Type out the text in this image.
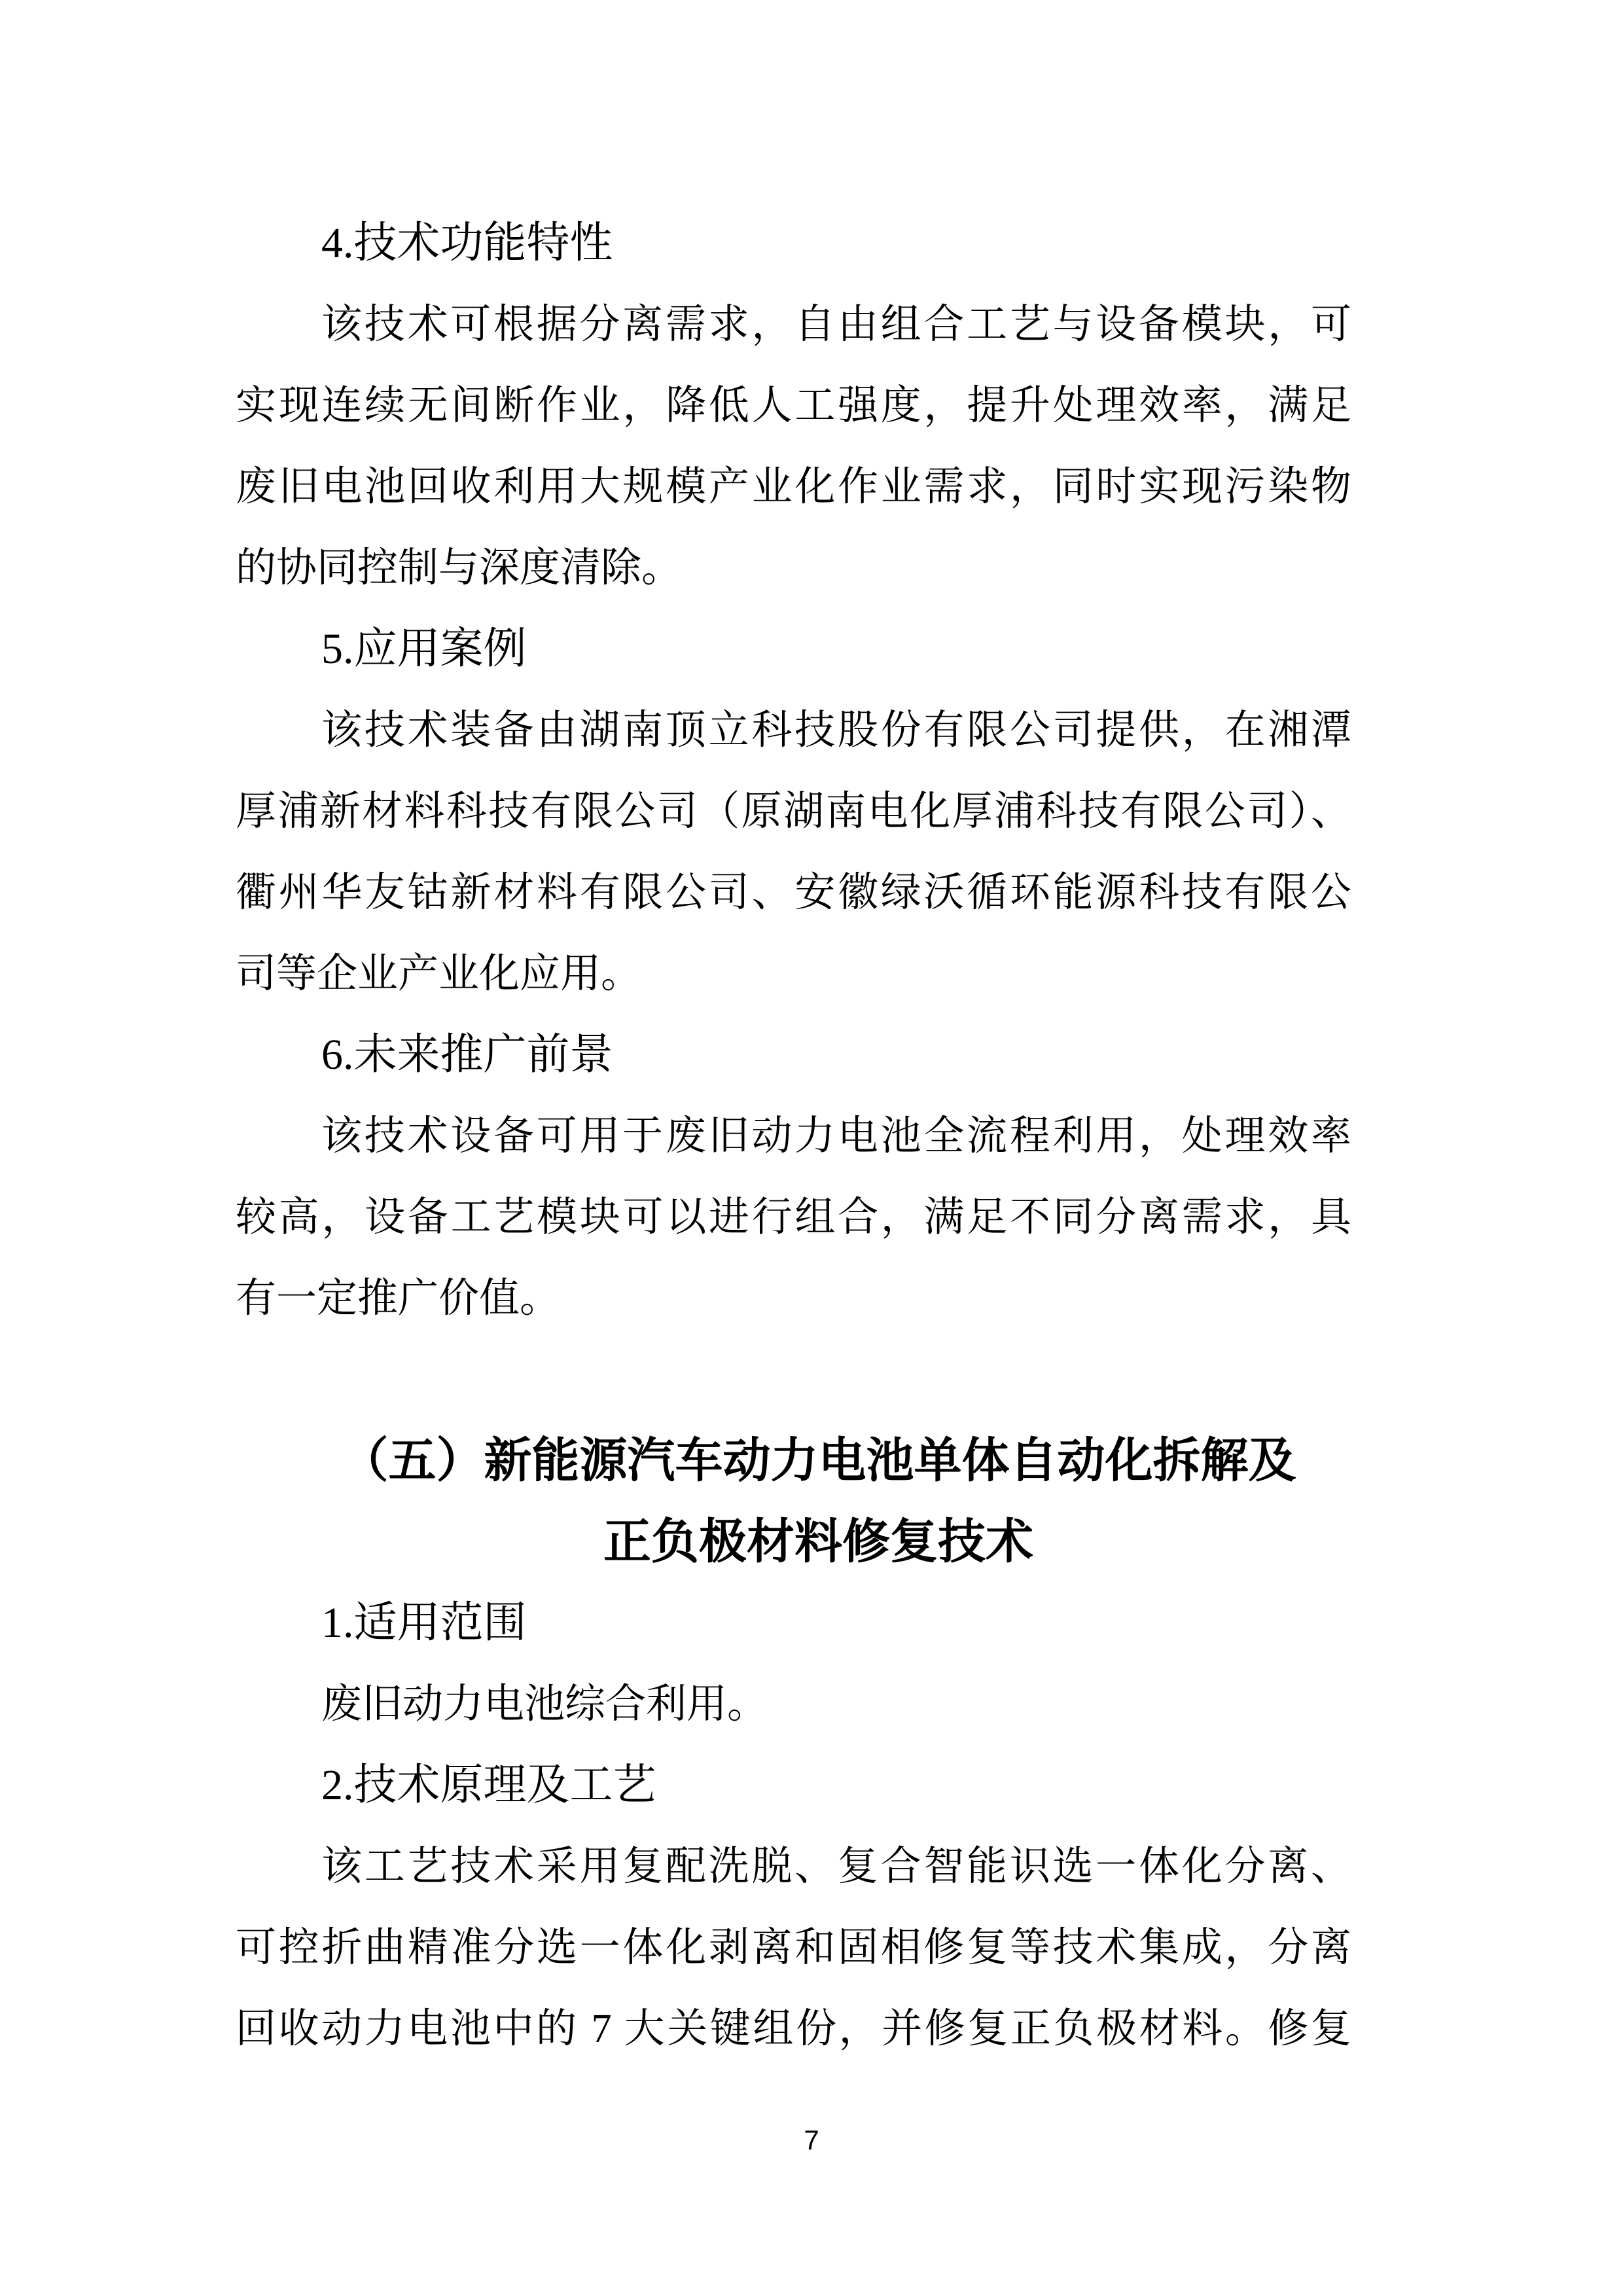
4.技术功能特性
该技术可根据分离需求，自由组合工艺与设备模块，可
实现连续无间断作业，降低人工强度，提升处理效率，满足
废旧电池回收利用大规模产业化作业需求，同时实现污染物
的协同控制与深度清除。
5.应用案例
该技术装备由湖南顶立科技股份有限公司提供，在湘潭
厚浦新材料科技有限公司（原湖南电化厚浦科技有限公司）、
衢州华友钴新材料有限公司、安徽绿沃循环能源科技有限公
司等企业产业化应用。
6.未来推广前景
该技术设备可用于废旧动力电池全流程利用，处理效率
较高，设备工艺模块可以进行组合，满足不同分离需求，具
有一定推广价值。
（五）新能源汽车动力电池单体自动化拆解及
正负极材料修复技术
1.适用范围
废旧动力电池综合利用。
2.技术原理及工艺
该工艺技术采用复配洗脱、复合智能识选一体化分离、
可控折曲精准分选一体化剥离和固相修复等技术集成，分离
回收动力电池中的 7 大关键组份，并修复正负极材料。修复
7
